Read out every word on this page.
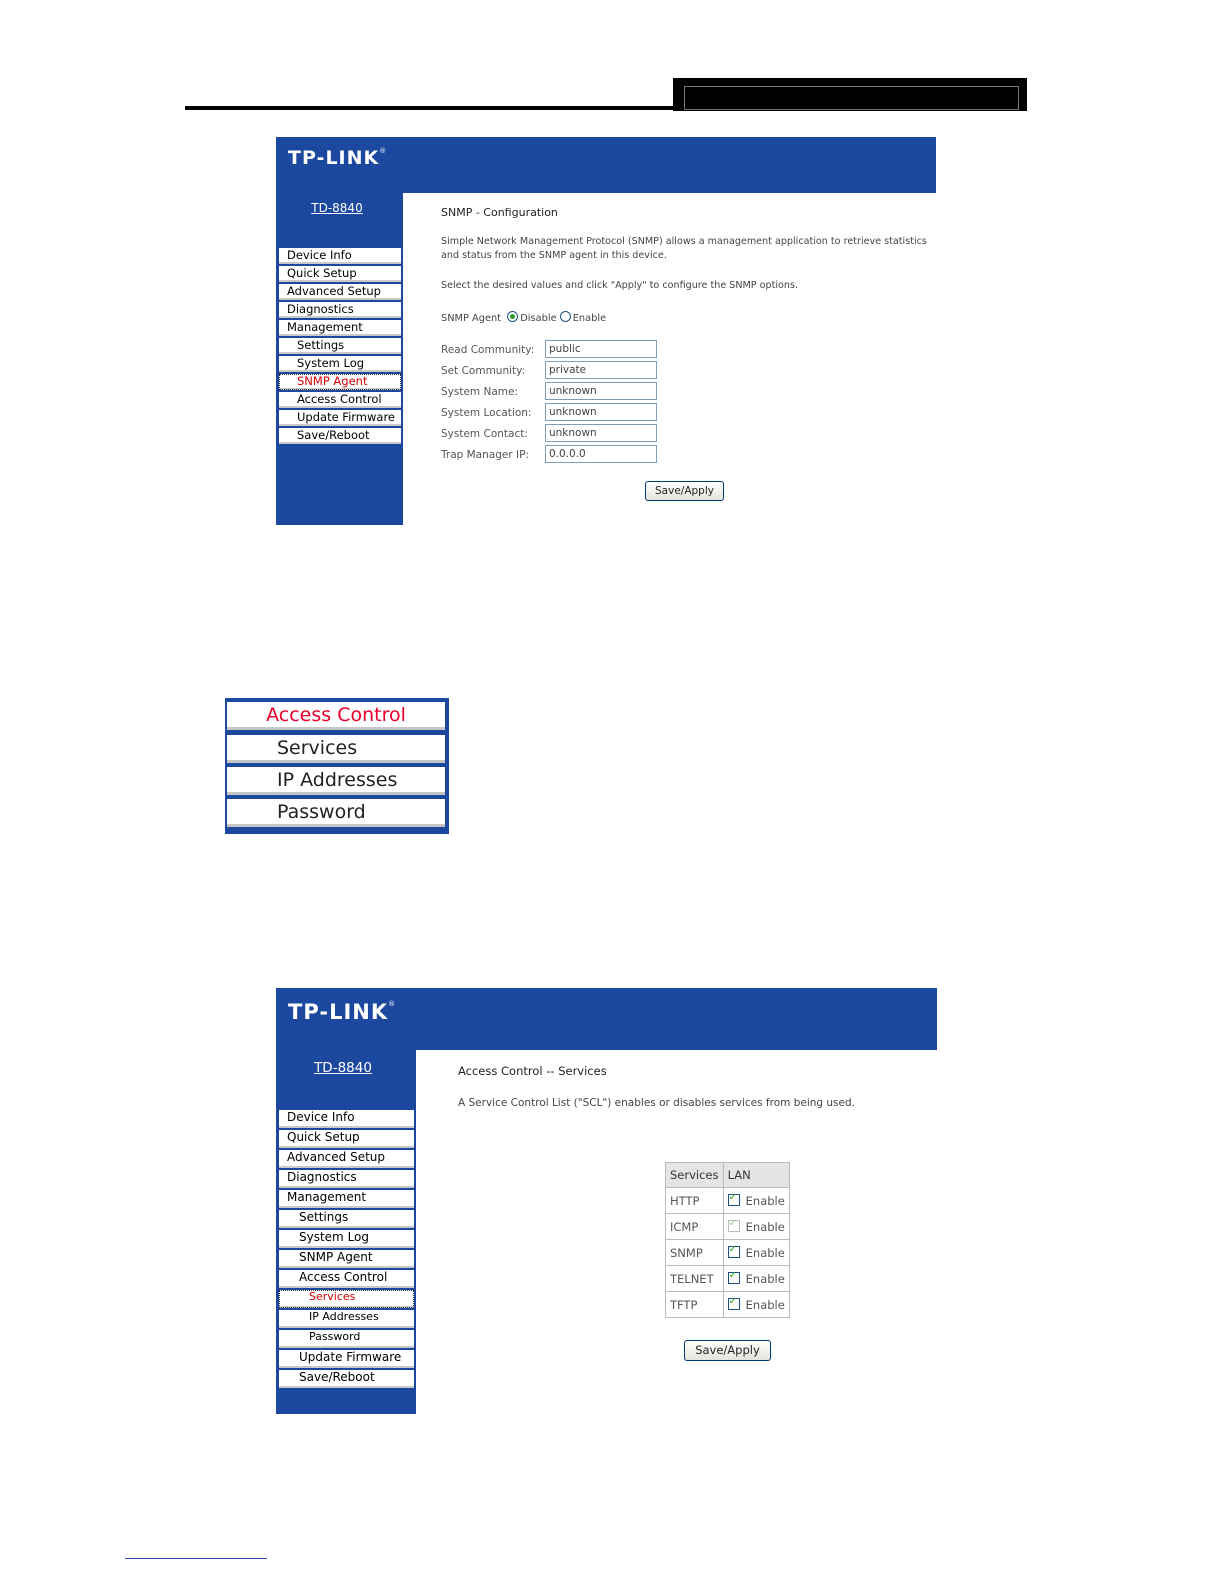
TP-LINK®
TD-8840
Device Info
Quick Setup
Advanced Setup
Diagnostics
Management
Settings
System Log
SNMP Agent
Access Control
Update Firmware
Save/Reboot
SNMP - Configuration
Simple Network Management Protocol (SNMP) allows a management application to retrieve statistics
and status from the SNMP agent in this device.
Select the desired values and click "Apply" to configure the SNMP options.
SNMP Agent Disable Enable
Read Community:	public
Set Community:	private
System Name:	unknown
System Location:	unknown
System Contact:	unknown
Trap Manager IP:	0.0.0.0
Save/Apply
Access Control
Services
IP Addresses
Password
TP-LINK®
TD-8840
Device Info
Quick Setup
Advanced Setup
Diagnostics
Management
Settings
System Log
SNMP Agent
Access Control
Services
IP Addresses
Password
Update Firmware
Save/Reboot
Access Control -- Services
A Service Control List ("SCL") enables or disables services from being used.
Services	LAN
HTTP	✓Enable
ICMP	✓Enable
SNMP	✓Enable
TELNET	✓Enable
TFTP	✓Enable
Save/Apply
